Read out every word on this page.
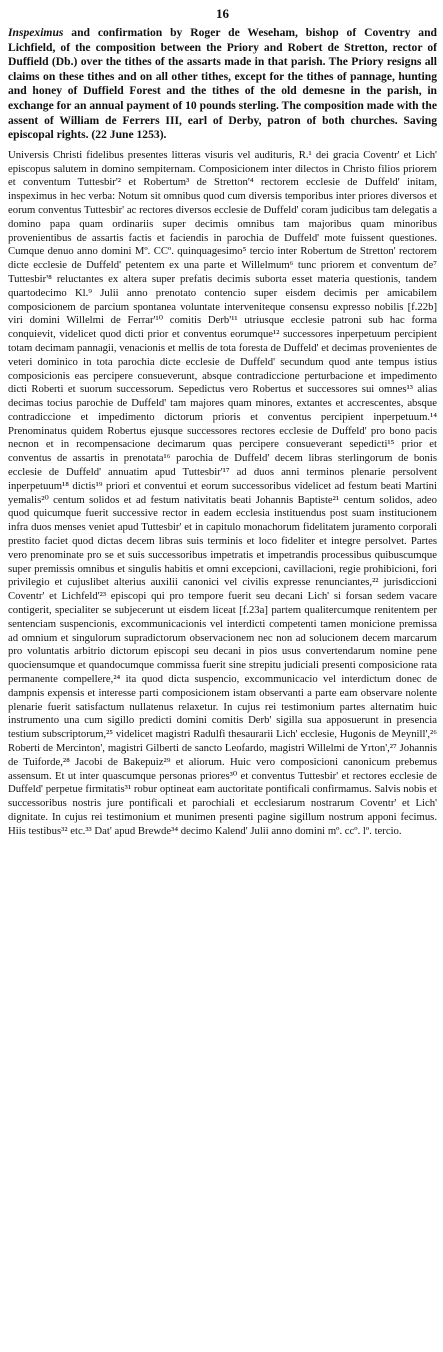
16

Inspeximus and confirmation by Roger de Weseham, bishop of Coventry and Lichfield, of the composition between the Priory and Robert de Stretton, rector of Duffield (Db.) over the tithes of the assarts made in that parish. The Priory resigns all claims on these tithes and on all other tithes, except for the tithes of pannage, hunting and honey of Duffield Forest and the tithes of the old demesne in the parish, in exchange for an annual payment of 10 pounds sterling. The composition made with the assent of William de Ferrers III, earl of Derby, patron of both churches. Saving episcopal rights. (22 June 1253).

Universis Christi fidelibus presentes litteras visuris vel audituris, R.¹ dei gracia Coventr' et Lich' episcopus salutem in domino sempiternam. Composicionem inter dilectos in Christo filios priorem et conventum Tuttesbir'² et Robertum³ de Stretton'⁴ rectorem ecclesie de Duffeld' initam, inspeximus in hec verba: Notum sit omnibus quod cum diversis temporibus inter priores diversos et eorum conventus Tuttesbir' ac rectores diversos ecclesie de Duffeld' coram judicibus tam delegatis a domino papa quam ordinariis super decimis omnibus tam majoribus quam minoribus provenientibus de assartis factis et faciendis in parochia de Duffeld' mote fuissent questiones. Cumque denuo anno domini Mº. CCº. quinquagesimo⁵ tercio inter Robertum de Stretton' rectorem dicte ecclesie de Duffeld' petentem ex una parte et Willelmum⁶ tunc priorem et conventum de⁷ Tuttesbir'⁸ reluctantes ex altera super prefatis decimis suborta esset materia questionis, tandem quartodecimo Kl.⁹ Julii anno prenotato contencio super eisdem decimis per amicabilem composicionem de parcium spontanea voluntate interveniteque consensu expresso nobilis [f.22b] viri domini Willelmi de Ferrar'¹⁰ comitis Derb'¹¹ utriusque ecclesie patroni sub hac forma conquievit, videlicet quod dicti prior et conventus eorumque¹² successores inperpetuum percipient totam decimam pannagii, venacionis et mellis de tota foresta de Duffeld' et decimas provenientes de veteri dominico in tota parochia dicte ecclesie de Duffeld' secundum quod ante tempus istius composicionis eas percipere consueverunt, absque contradiccione perturbacione et impedimento dicti Roberti et suorum successorum. Sepedictus vero Robertus et successores sui omnes¹³ alias decimas tocius parochie de Duffeld' tam majores quam minores, extantes et accrescentes, absque contradiccione et impedimento dictorum prioris et conventus percipient inperpetuum.¹⁴ Prenominatus quidem Robertus ejusque successores rectores ecclesie de Duffeld' pro bono pacis necnon et in recompensacione decimarum quas percipere consueverant sepedicti¹⁵ prior et conventus de assartis in prenotata¹⁶ parochia de Duffeld' decem libras sterlingorum de bonis ecclesie de Duffeld' annuatim apud Tuttesbir'¹⁷ ad duos anni terminos plenarie persolvent inperpetuum¹⁸ dictis¹⁹ priori et conventui et eorum successoribus videlicet ad festum beati Martini yemalis²⁰ centum solidos et ad festum nativitatis beati Johannis Baptiste²¹ centum solidos, adeo quod quicumque fuerit successive rector in eadem ecclesia instituendus post suam institucionem infra duos menses veniet apud Tuttesbir' et in capitulo monachorum fidelitatem juramento corporali prestito faciet quod dictas decem libras suis terminis et loco fideliter et integre persolvet. Partes vero prenominate pro se et suis successoribus impetratis et impetrandis processibus quibuscumque super premissis omnibus et singulis habitis et omni excepcioni, cavillacioni, regie prohibicioni, fori privilegio et cujuslibet alterius auxilii canonici vel civilis expresse renunciantes,²² jurisdiccioni Coventr' et Lichfeld'²³ episcopi qui pro tempore fuerit seu decani Lich' si forsan sedem vacare contigerit, specialiter se subjecerunt ut eisdem liceat [f.23a] partem qualitercumque renitentem per sentenciam suspencionis, excommunicacionis vel interdicti competenti tamen monicione premissa ad omnium et singulorum supradictorum observacionem nec non ad solucionem decem marcarum pro voluntatis arbitrio dictorum episcopi seu decani in pios usus convertendarum nomine pene quociensumque et quandocumque commissa fuerit sine strepitu judiciali presenti composicione rata permanente compellere,²⁴ ita quod dicta suspencio, excommunicacio vel interdictum donec de dampnis expensis et interesse parti composicionem istam observanti a parte eam observare nolente plenarie fuerit satisfactum nullatenus relaxetur. In cujus rei testimonium partes alternatim huic instrumento una cum sigillo predicti domini comitis Derb' sigilla sua apposuerunt in presencia testium subscriptorum,²⁵ videlicet magistri Radulfi thesaurarii Lich' ecclesie, Hugonis de Meynill',²⁶ Roberti de Mercinton', magistri Gilberti de sancto Leofardo, magistri Willelmi de Yrton',²⁷ Johannis de Tuiforde,²⁸ Jacobi de Bakepuiz²⁹ et aliorum. Huic vero composicioni canonicum prebemus assensum. Et ut inter quascumque personas priores³⁰ et conventus Tuttesbir' et rectores ecclesie de Duffeld' perpetue firmitatis³¹ robur optineat eam auctoritate pontificali confirmamus. Salvis nobis et successoribus nostris jure pontificali et parochiali et ecclesiarum nostrarum Coventr' et Lich' dignitate. In cujus rei testimonium et munimen presenti pagine sigillum nostrum apponi fecimus. Hiis testibus³² etc.³³ Dat' apud Brewde³⁴ decimo Kalend' Julii anno domini mº. ccº. lº. tercio.
